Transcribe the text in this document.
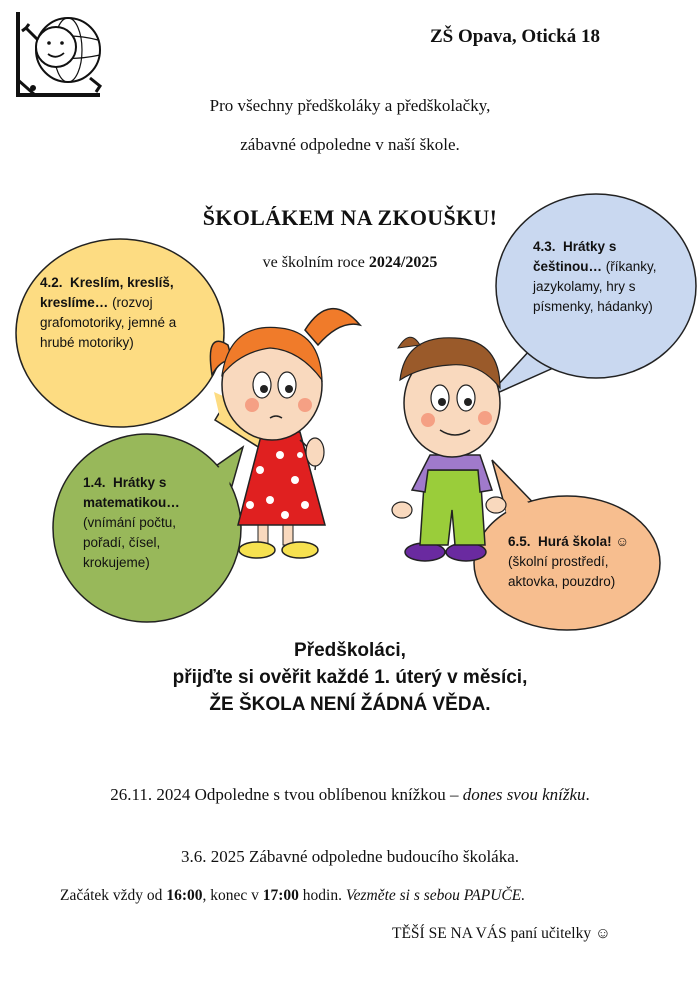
ZŠ Opava, Otická 18
Pro všechny předškoláky a předškolačky,
zábavné odpoledne v naší škole.
ŠKOLÁKEM NA ZKOUŠKU!
ve školním roce 2024/2025
4.2. Kreslím, kreslíš, kreslíme… (rozvoj grafomotoriky, jemné a hrubé motoriky)
4.3. Hrátky s češtinou… (říkanky, jazykolamy, hry s písmenky, hádanky)
1.4. Hrátky s matematikou… (vnímání počtu, pořadí, čísel, krokujeme)
6.5. Hurá škola! ☺(školní prostředí, aktovka, pouzdro)
Předškoláci,
přijďte si ověřit každé 1. úterý v měsíci,
ŽE ŠKOLA NENÍ ŽÁDNÁ VĚDA.
26.11. 2024 Odpoledne s tvou oblíbenou knížkou – dones svou knížku.
3.6. 2025 Zábavné odpoledne budoucího školáka.
Začátek vždy od 16:00, konec v 17:00 hodin. Vezměte si s sebou PAPUČE.
TĚŠÍ SE NA VÁS paní učitelky ☺
